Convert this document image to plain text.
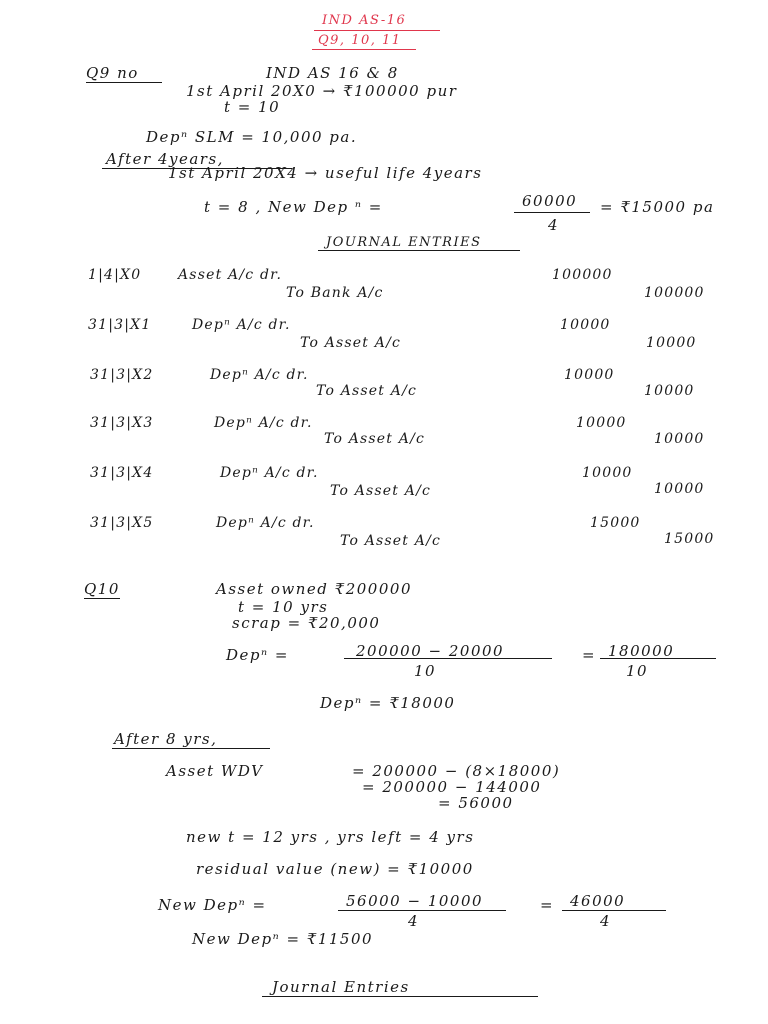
IND AS-16
Q9, 10, 11
Q9 no	IND AS 16 & 8
1st April 20X0 → ₹100000 pur
t = 10
Depⁿ SLM = 10,000 pa.
After 4years,
1st April 20X4 → useful life 4years
t = 8 , New Dep ⁿ =	60000
4
= ₹15000 pa
JOURNAL ENTRIES
1|4|X0	Asset A/c dr.	100000
To Bank A/c	100000
31|3|X1	Depⁿ A/c dr.	10000
To Asset A/c	10000
31|3|X2	Depⁿ A/c dr.	10000
To Asset A/c	10000
31|3|X3	Depⁿ A/c dr.	10000
To Asset A/c	10000
31|3|X4	Depⁿ A/c dr.	10000
To Asset A/c	10000
31|3|X5	Depⁿ A/c dr.	15000
To Asset A/c	15000
Q10	Asset owned ₹200000
t = 10 yrs
scrap = ₹20,000
Depⁿ =	200000 − 20000
10
= 180000
10
Depⁿ = ₹18000
After 8 yrs,
Asset WDV	= 200000 − (8×18000)
= 200000 − 144000
= 56000
new t = 12 yrs , yrs left = 4 yrs
residual value (new) = ₹10000
New Depⁿ =	56000 − 10000
4
= 46000
4
New Depⁿ = ₹11500
Journal Entries
